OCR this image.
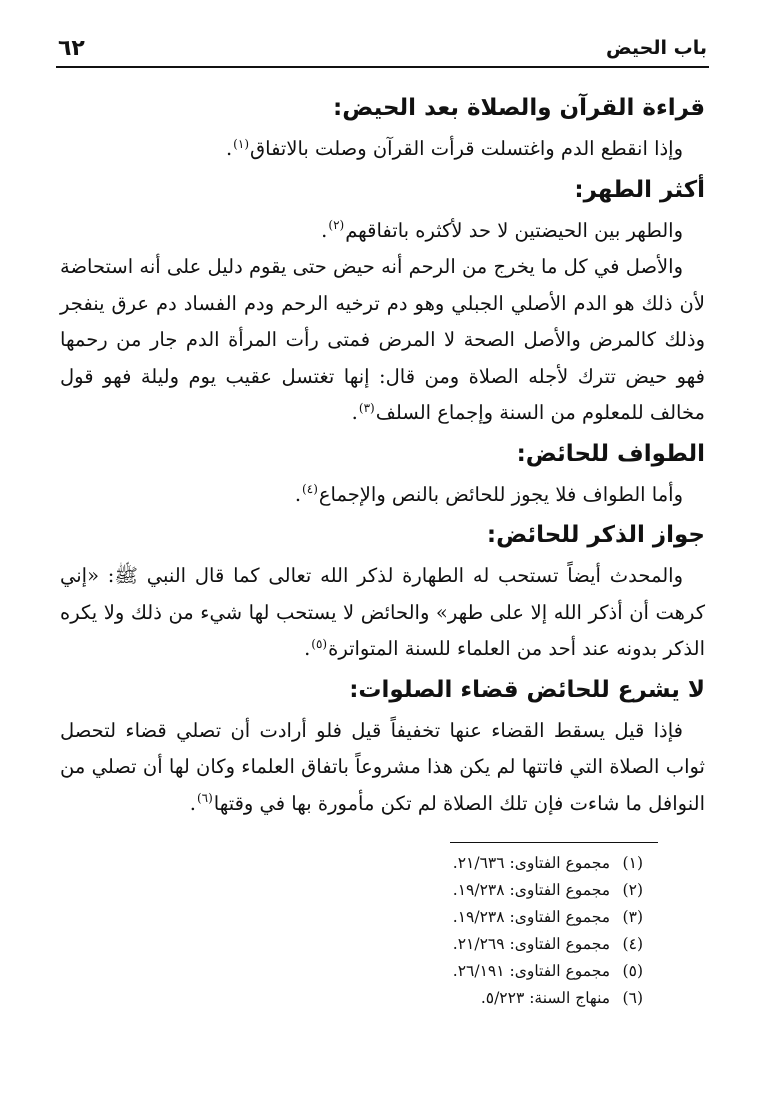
باب الحيض
٦٢
قراءة القرآن والصلاة بعد الحيض:

وإذا انقطع الدم واغتسلت قرأت القرآن وصلت بالاتفاق$^{(١)}$.

أكثر الطهر:

والطهر بين الحيضتين لا حد لأكثره باتفاقهم$^{(٢)}$.

والأصل في كل ما يخرج من الرحم أنه حيض حتى يقوم دليل على أنه استحاضة لأن ذلك هو الدم الأصلي الجبلي وهو دم ترخيه الرحم ودم الفساد دم عرق ينفجر وذلك كالمرض والأصل الصحة لا المرض فمتى رأت المرأة الدم جار من رحمها فهو حيض تترك لأجله الصلاة ومن قال: إنها تغتسل عقيب يوم وليلة فهو قول مخالف للمعلوم من السنة وإجماع السلف$^{(٣)}$.

الطواف للحائض:

وأما الطواف فلا يجوز للحائض بالنص والإجماع$^{(٤)}$.

جواز الذكر للحائض:

والمحدث أيضاً تستحب له الطهارة لذكر الله تعالى كما قال النبي ﷺ: «إني كرهت أن أذكر الله إلا على طهر» والحائض لا يستحب لها شيء من ذلك ولا يكره الذكر بدونه عند أحد من العلماء للسنة المتواترة$^{(٥)}$.

لا يشرع للحائض قضاء الصلوات:

فإذا قيل يسقط القضاء عنها تخفيفاً قيل فلو أرادت أن تصلي قضاء لتحصل ثواب الصلاة التي فاتتها لم يكن هذا مشروعاً باتفاق العلماء وكان لها أن تصلي من النوافل ما شاءت فإن تلك الصلاة لم تكن مأمورة بها في وقتها$^{(٦)}$.

(١) مجموع الفتاوى: ٢١/٦٣٦.
(٢) مجموع الفتاوى: ١٩/٢٣٨.
(٣) مجموع الفتاوى: ١٩/٢٣٨.
(٤) مجموع الفتاوى: ٢١/٢٦٩.
(٥) مجموع الفتاوى: ٢٦/١٩١.
(٦) منهاج السنة: ٥/٢٢٣.
